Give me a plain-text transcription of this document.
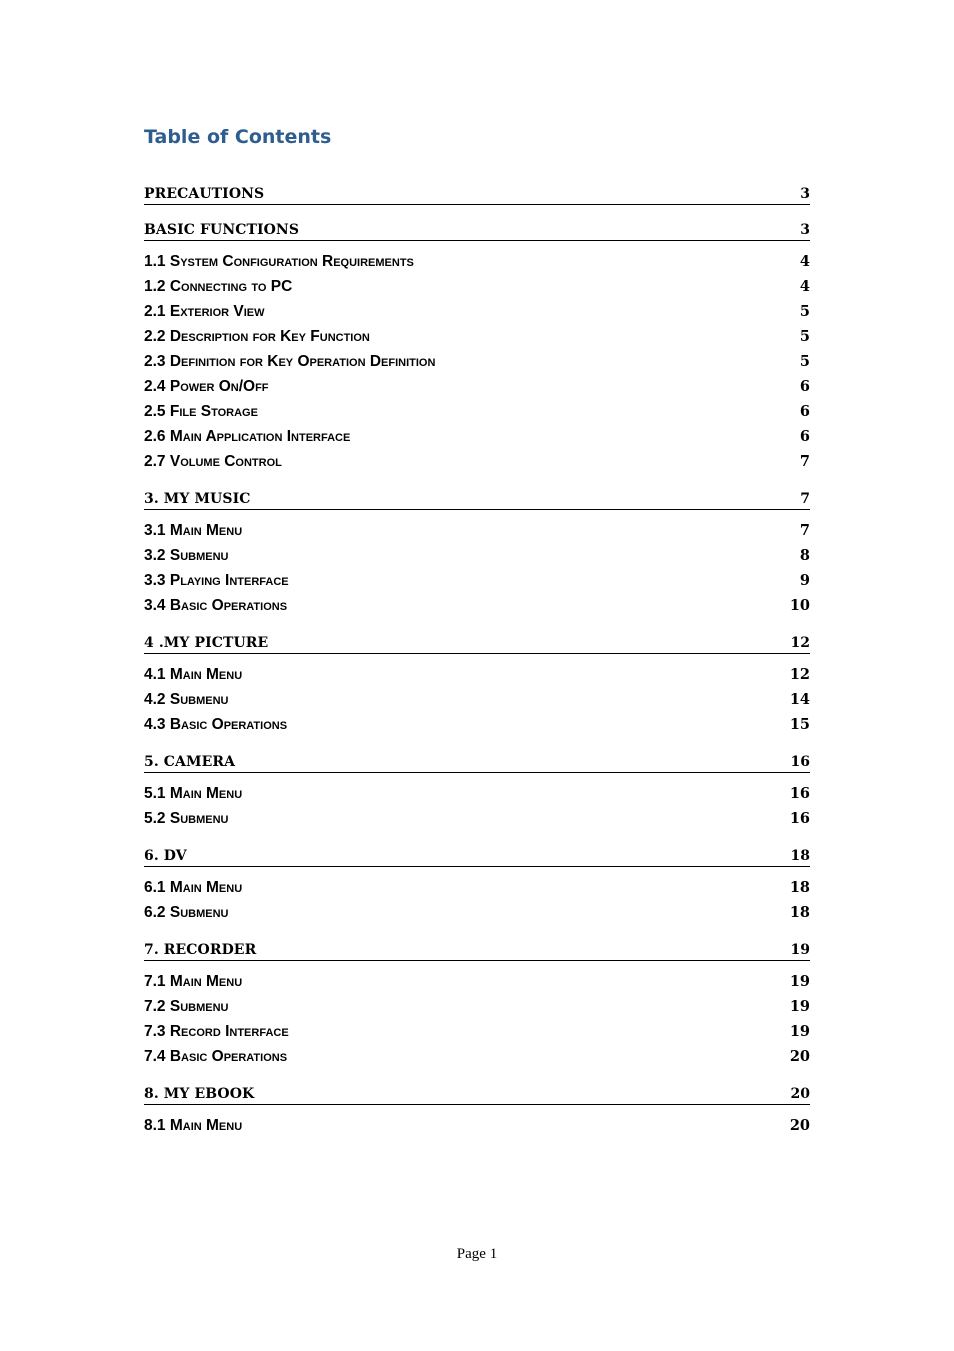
Table of Contents
PRECAUTIONS	3
BASIC FUNCTIONS	3
1.1 System Configuration Requirements	4
1.2 Connecting to PC	4
2.1 Exterior View	5
2.2 Description for Key Function	5
2.3 Definition for Key Operation Definition	5
2.4 Power On/Off	6
2.5 File Storage	6
2.6 Main Application Interface	6
2.7 Volume Control	7
3. MY MUSIC	7
3.1 Main Menu	7
3.2 Submenu	8
3.3 Playing Interface	9
3.4 Basic Operations	10
4 .MY PICTURE	12
4.1 Main Menu	12
4.2 Submenu	14
4.3 Basic Operations	15
5. CAMERA	16
5.1 Main Menu	16
5.2 Submenu	16
6. DV	18
6.1 Main Menu	18
6.2 Submenu	18
7. RECORDER	19
7.1 Main Menu	19
7.2 Submenu	19
7.3 Record Interface	19
7.4 Basic Operations	20
8. MY EBOOK	20
8.1 Main Menu	20
Page 1
